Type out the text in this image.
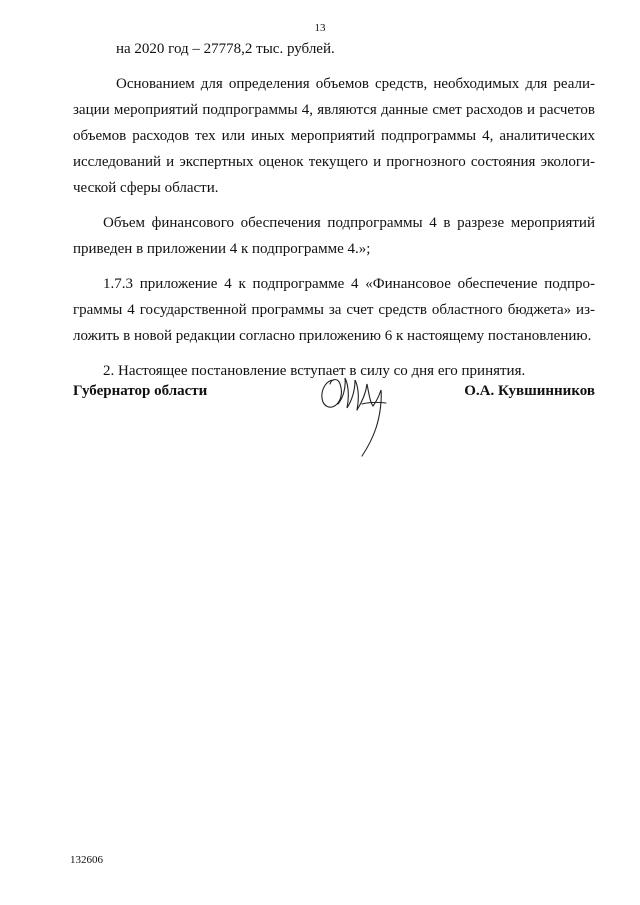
13
на 2020 год – 27778,2 тыс. рублей.
Основанием для определения объемов средств, необходимых для реали-
зации мероприятий подпрограммы 4, являются данные смет расходов и расчетов
объемов расходов тех или иных мероприятий подпрограммы 4, аналитических
исследований и экспертных оценок текущего и прогнозного состояния экологи-
ческой сферы области.
Объем финансового обеспечения подпрограммы 4 в разрезе мероприятий
приведен в приложении 4 к подпрограмме 4.»;
1.7.3 приложение 4 к подпрограмме 4 «Финансовое обеспечение подпро-
граммы 4 государственной программы за счет средств областного бюджета» из-
ложить в новой редакции согласно приложению 6 к настоящему постановлению.
2. Настоящее постановление вступает в силу со дня его принятия.
Губернатор области	О.А. Кувшинников
132606
